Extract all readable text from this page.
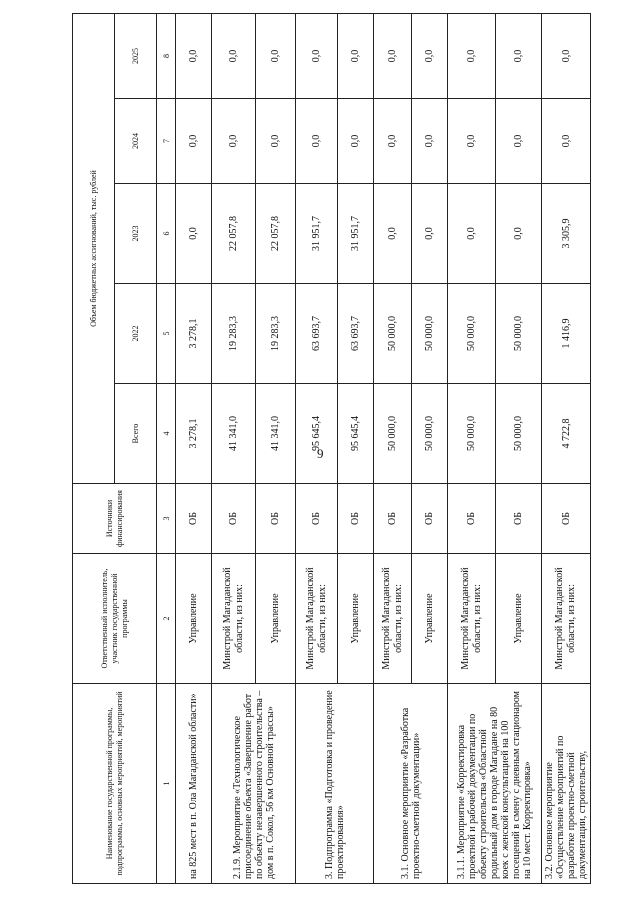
9
Наименование государственной программы, подпрограммы, основных мероприятий, мероприятий	Ответственный исполнитель, участник государственной программы	Источники финансирования	Объем бюджетных ассигнований, тыс. рублей				
			Всего	2022	2023	2024	2025
1	2	3	4	5	6	7	8
на 825 мест в п. Ола Магаданской области»	Управление	ОБ	3 278,1	3 278,1	0,0	0,0	0,0
2.1.9. Мероприятие «Технологическое присоединение объекта «Завершение работ по объекту незавершенного строительства – дом в п. Сокол, 56 км Основной трассы»	Минстрой Магаданской области, из них:	ОБ	41 341,0	19 283,3	22 057,8	0,0	0,0
	Управление	ОБ	41 341,0	19 283,3	22 057,8	0,0	0,0
3. Подпрограмма «Подготовка и проведение проектирования»	Минстрой Магаданской области, из них:	ОБ	95 645,4	63 693,7	31 951,7	0,0	0,0
	Управление	ОБ	95 645,4	63 693,7	31 951,7	0,0	0,0
3.1. Основное мероприятие «Разработка проектно-сметной документации»	Минстрой Магаданской области, из них:	ОБ	50 000,0	50 000,0	0,0	0,0	0,0
	Управление	ОБ	50 000,0	50 000,0	0,0	0,0	0,0
3.1.1. Мероприятие «Корректировка проектной и рабочей документации по объекту строительства «Областной родильный дом в городе Магадане на 80 коек с женской консультацией на 100 посещений в смену с дневным стационаром на 10 мест. Корректировка»	Минстрой Магаданской области, из них:	ОБ	50 000,0	50 000,0	0,0	0,0	0,0
	Управление	ОБ	50 000,0	50 000,0	0,0	0,0	0,0
3.2. Основное мероприятие «Осуществление мероприятий по разработке проектно-сметной документации, строительству,	Минстрой Магаданской области, из них:	ОБ	4 722,8	1 416,9	3 305,9	0,0	0,0
